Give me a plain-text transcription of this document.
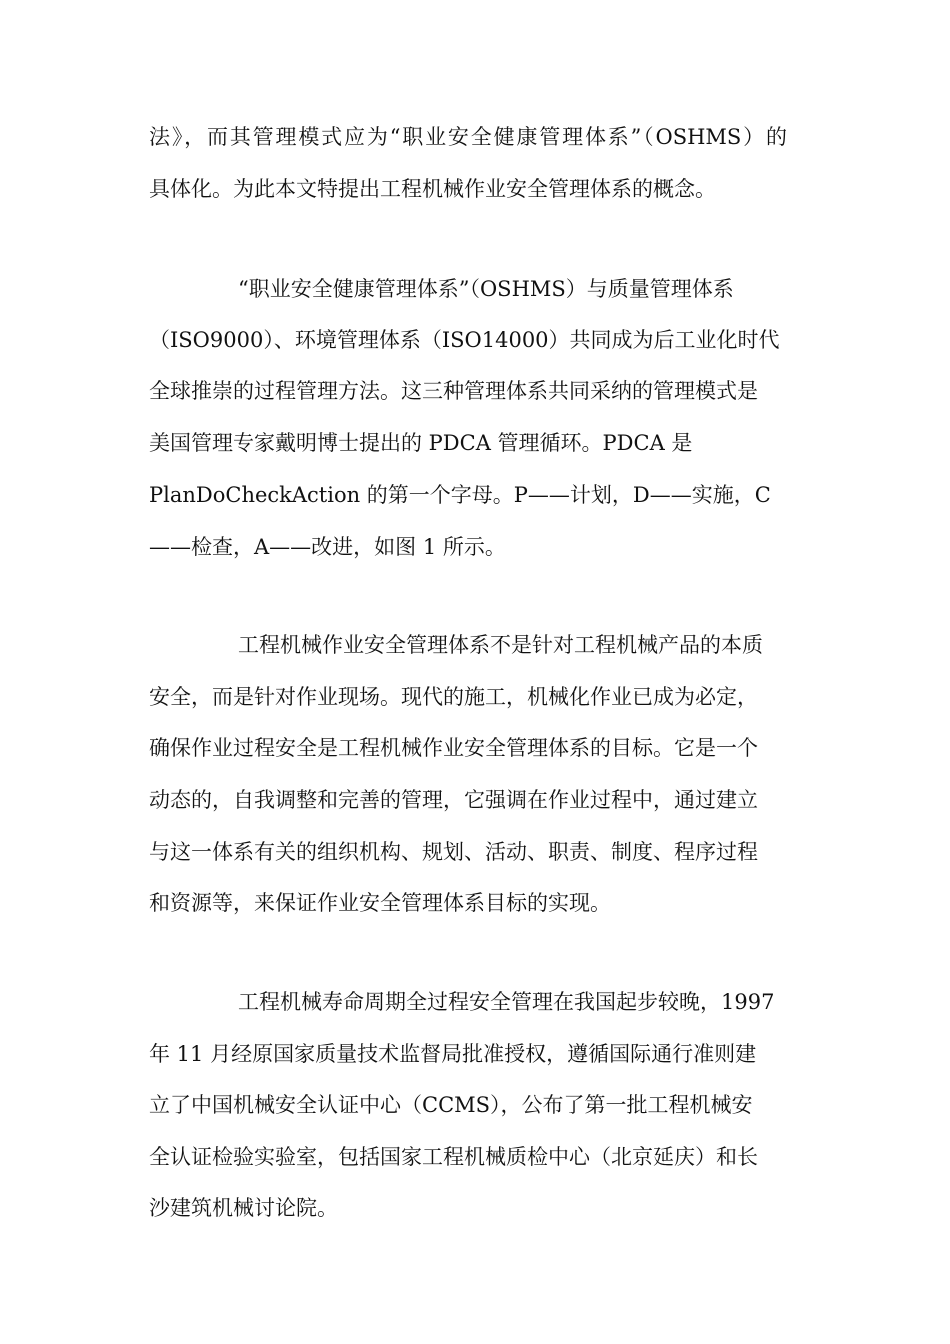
法》，而其管理模式应为“职业安全健康管理体系”（OSHMS）的
具体化。为此本文特提出工程机械作业安全管理体系的概念。
“职业安全健康管理体系”（OSHMS）与质量管理体系
（ISO9000）、环境管理体系（ISO14000）共同成为后工业化时代
全球推崇的过程管理方法。这三种管理体系共同采纳的管理模式是
美国管理专家戴明博士提出的 PDCA 管理循环。PDCA 是
PlanDoCheckAction 的第一个字母。P——计划，D——实施，C
——检查，A——改进，如图 1 所示。
工程机械作业安全管理体系不是针对工程机械产品的本质
安全，而是针对作业现场。现代的施工，机械化作业已成为必定，
确保作业过程安全是工程机械作业安全管理体系的目标。它是一个
动态的，自我调整和完善的管理，它强调在作业过程中，通过建立
与这一体系有关的组织机构、规划、活动、职责、制度、程序过程
和资源等，来保证作业安全管理体系目标的实现。
工程机械寿命周期全过程安全管理在我国起步较晚，1997
年 11 月经原国家质量技术监督局批准授权，遵循国际通行准则建
立了中国机械安全认证中心（CCMS），公布了第一批工程机械安
全认证检验实验室，包括国家工程机械质检中心（北京延庆）和长
沙建筑机械讨论院。
